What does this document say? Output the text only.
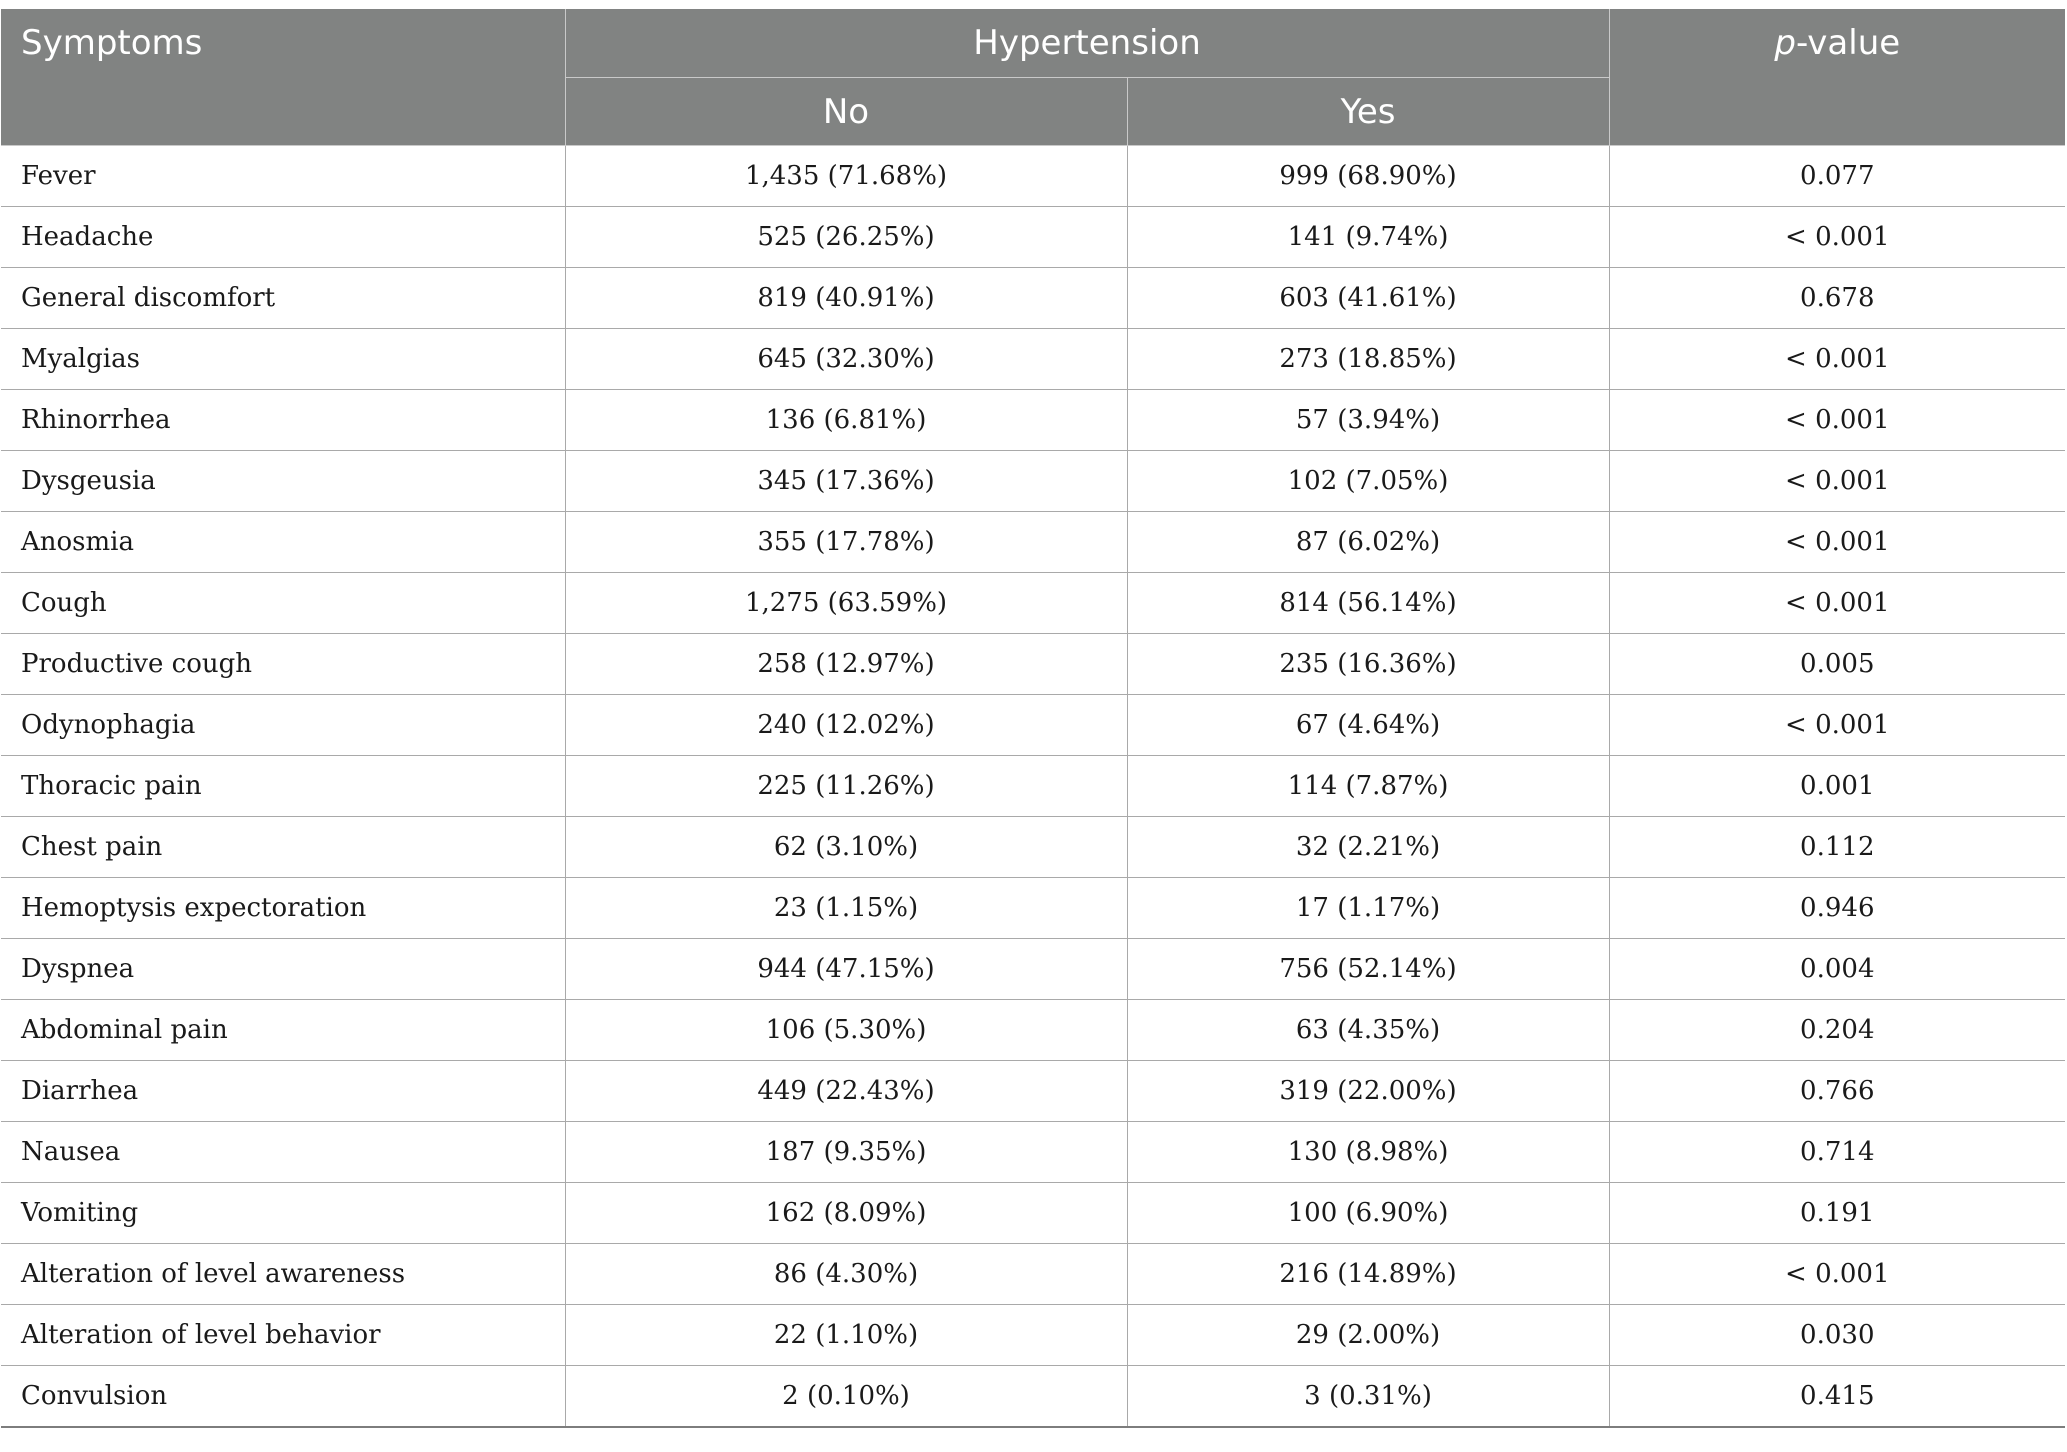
Symptoms	Hypertension		p-value
	No	Yes	
Fever	1,435 (71.68%)	999 (68.90%)	0.077
Headache	525 (26.25%)	141 (9.74%)	< 0.001
General discomfort	819 (40.91%)	603 (41.61%)	0.678
Myalgias	645 (32.30%)	273 (18.85%)	< 0.001
Rhinorrhea	136 (6.81%)	57 (3.94%)	< 0.001
Dysgeusia	345 (17.36%)	102 (7.05%)	< 0.001
Anosmia	355 (17.78%)	87 (6.02%)	< 0.001
Cough	1,275 (63.59%)	814 (56.14%)	< 0.001
Productive cough	258 (12.97%)	235 (16.36%)	0.005
Odynophagia	240 (12.02%)	67 (4.64%)	< 0.001
Thoracic pain	225 (11.26%)	114 (7.87%)	0.001
Chest pain	62 (3.10%)	32 (2.21%)	0.112
Hemoptysis expectoration	23 (1.15%)	17 (1.17%)	0.946
Dyspnea	944 (47.15%)	756 (52.14%)	0.004
Abdominal pain	106 (5.30%)	63 (4.35%)	0.204
Diarrhea	449 (22.43%)	319 (22.00%)	0.766
Nausea	187 (9.35%)	130 (8.98%)	0.714
Vomiting	162 (8.09%)	100 (6.90%)	0.191
Alteration of level awareness	86 (4.30%)	216 (14.89%)	< 0.001
Alteration of level behavior	22 (1.10%)	29 (2.00%)	0.030
Convulsion	2 (0.10%)	3 (0.31%)	0.415
